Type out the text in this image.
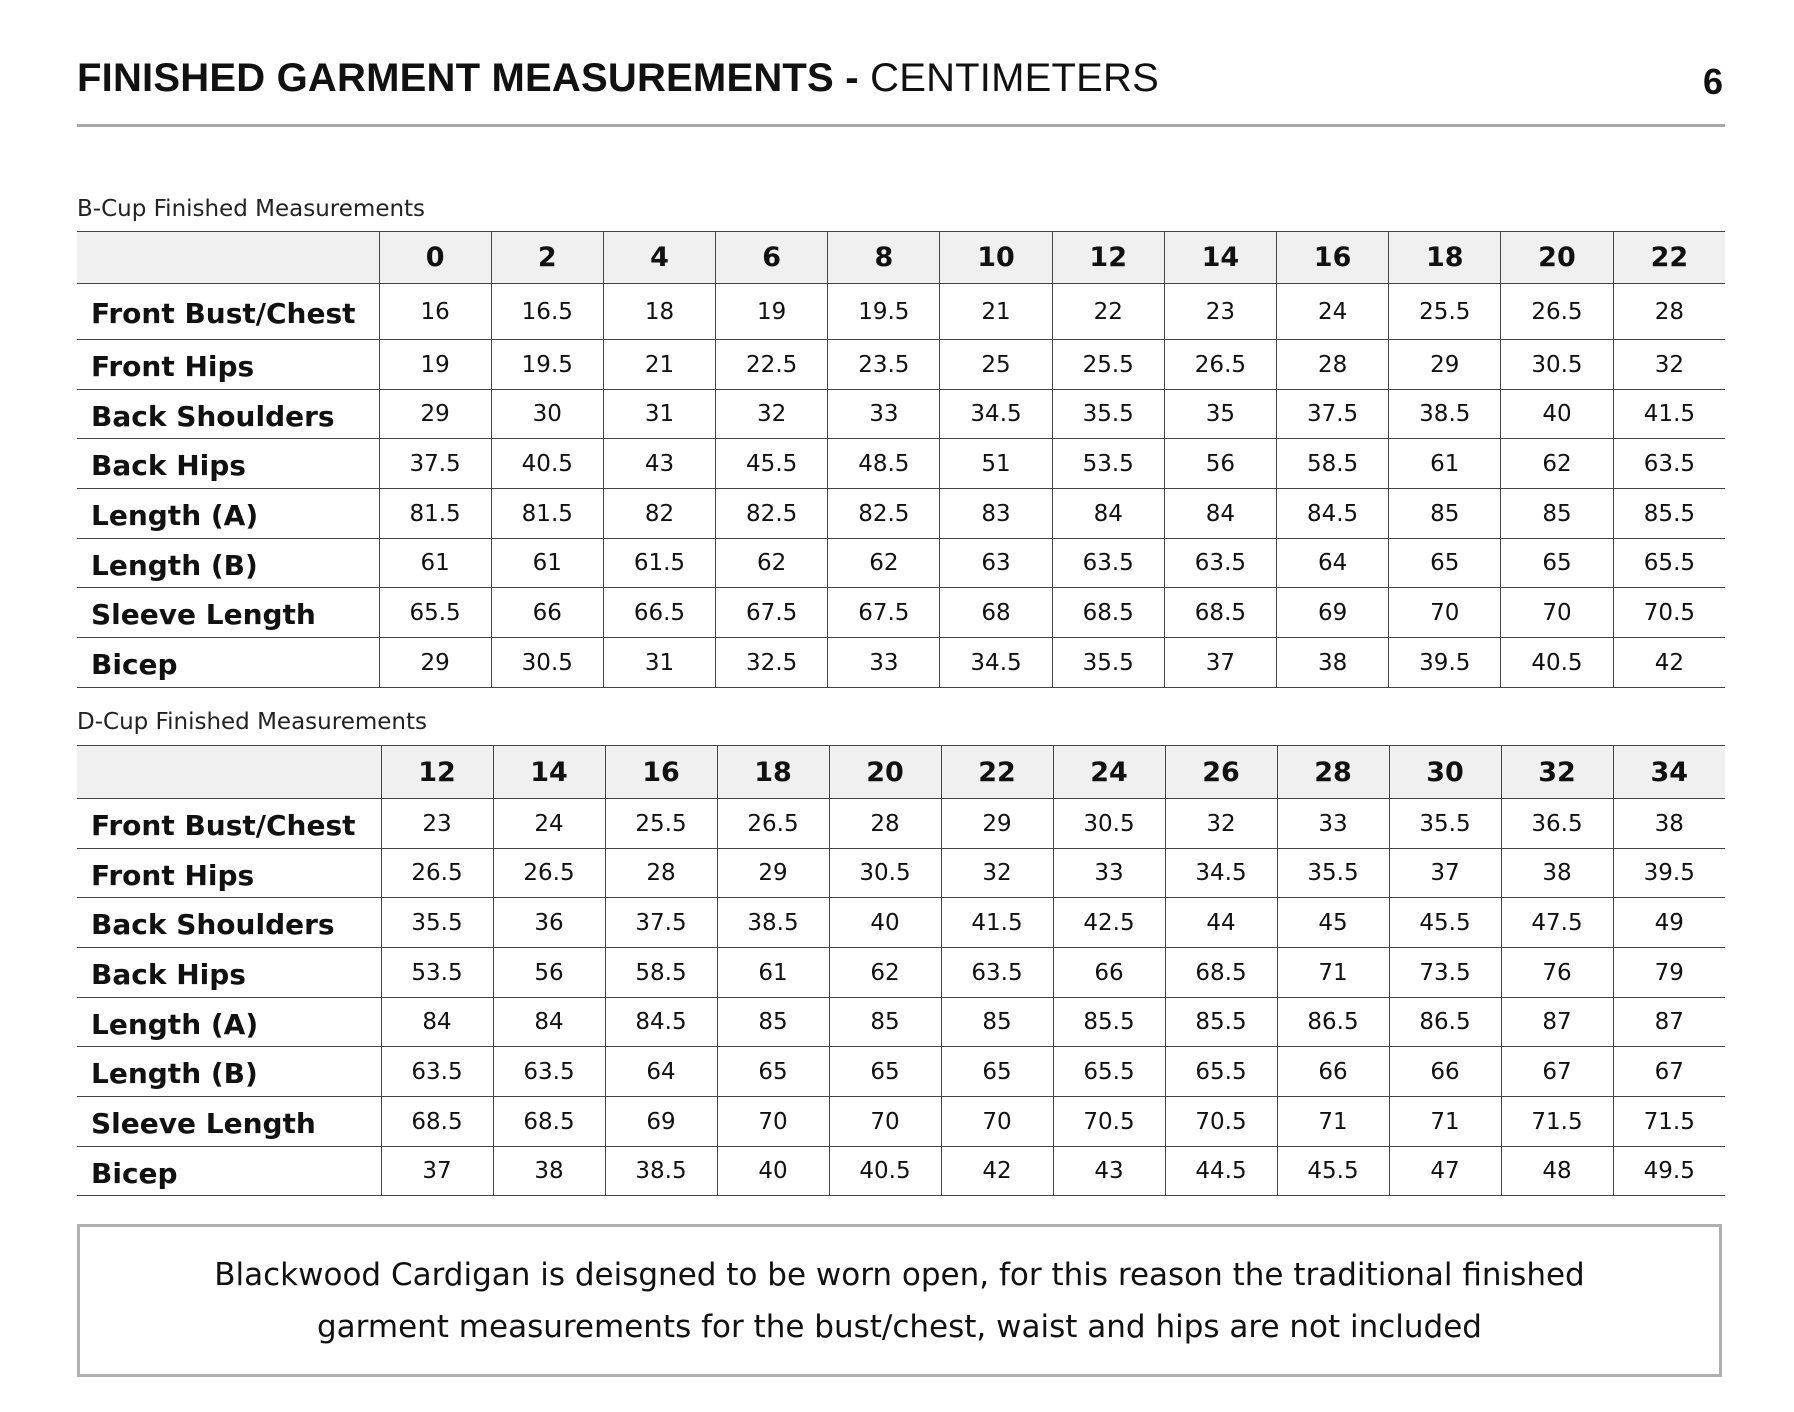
FINISHED GARMENT MEASUREMENTS - CENTIMETERS	6
B-Cup Finished Measurements
	0	2	4	6	8	10	12	14	16	18	20	22
Front Bust/Chest	16	16.5	18	19	19.5	21	22	23	24	25.5	26.5	28
Front Hips	19	19.5	21	22.5	23.5	25	25.5	26.5	28	29	30.5	32
Back Shoulders	29	30	31	32	33	34.5	35.5	35	37.5	38.5	40	41.5
Back Hips	37.5	40.5	43	45.5	48.5	51	53.5	56	58.5	61	62	63.5
Length (A)	81.5	81.5	82	82.5	82.5	83	84	84	84.5	85	85	85.5
Length (B)	61	61	61.5	62	62	63	63.5	63.5	64	65	65	65.5
Sleeve Length	65.5	66	66.5	67.5	67.5	68	68.5	68.5	69	70	70	70.5
Bicep	29	30.5	31	32.5	33	34.5	35.5	37	38	39.5	40.5	42
D-Cup Finished Measurements
	12	14	16	18	20	22	24	26	28	30	32	34
Front Bust/Chest	23	24	25.5	26.5	28	29	30.5	32	33	35.5	36.5	38
Front Hips	26.5	26.5	28	29	30.5	32	33	34.5	35.5	37	38	39.5
Back Shoulders	35.5	36	37.5	38.5	40	41.5	42.5	44	45	45.5	47.5	49
Back Hips	53.5	56	58.5	61	62	63.5	66	68.5	71	73.5	76	79
Length (A)	84	84	84.5	85	85	85	85.5	85.5	86.5	86.5	87	87
Length (B)	63.5	63.5	64	65	65	65	65.5	65.5	66	66	67	67
Sleeve Length	68.5	68.5	69	70	70	70	70.5	70.5	71	71	71.5	71.5
Bicep	37	38	38.5	40	40.5	42	43	44.5	45.5	47	48	49.5

Blackwood Cardigan is deisgned to be worn open, for this reason the traditional finished garment measurements for the bust/chest, waist and hips are not included
